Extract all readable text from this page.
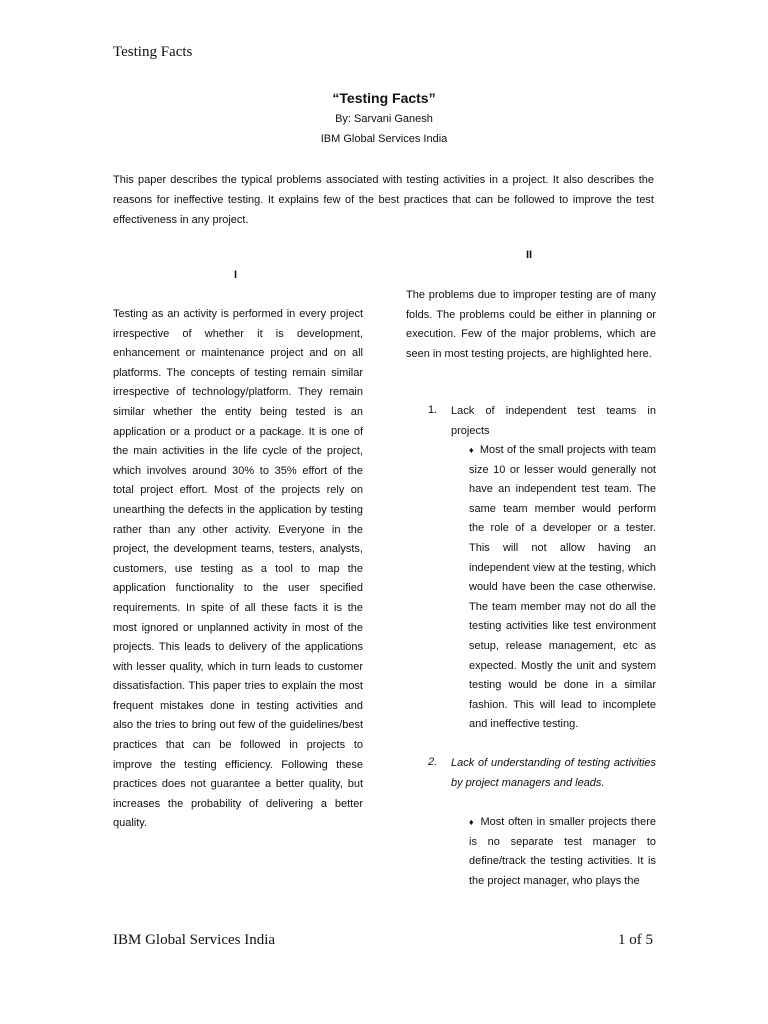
Testing Facts
“Testing Facts”
By: Sarvani Ganesh
IBM Global Services India
This paper describes the typical problems associated with testing activities in a project. It also describes the reasons for ineffective testing. It explains few of the best practices that can be followed to improve the test effectiveness in any project.
I
Testing as an activity is performed in every project irrespective of whether it is development, enhancement or maintenance project and on all platforms. The concepts of testing remain similar irrespective of technology/platform. They remain similar whether the entity being tested is an application or a product or a package. It is one of the main activities in the life cycle of the project, which involves around 30% to 35% effort of the total project effort. Most of the projects rely on unearthing the defects in the application by testing rather than any other activity. Everyone in the project, the development teams, testers, analysts, customers, use testing as a tool to map the application functionality to the user specified requirements. In spite of all these facts it is the most ignored or unplanned activity in most of the projects. This leads to delivery of the applications with lesser quality, which in turn leads to customer dissatisfaction. This paper tries to explain the most frequent mistakes done in testing activities and also the tries to bring out few of the guidelines/best practices that can be followed in projects to improve the testing efficiency. Following these practices does not guarantee a better quality, but increases the probability of delivering a better quality.
II
The problems due to improper testing are of many folds. The problems could be either in planning or execution. Few of the major problems, which are seen in most testing projects, are highlighted here.
1. Lack of independent test teams in projects
♦ Most of the small projects with team size 10 or lesser would generally not have an independent test team. The same team member would perform the role of a developer or a tester. This will not allow having an independent view at the testing, which would have been the case otherwise. The team member may not do all the testing activities like test environment setup, release management, etc as expected. Mostly the unit and system testing would be done in a similar fashion. This will lead to incomplete and ineffective testing.
2. Lack of understanding of testing activities by project managers and leads.
♦ Most often in smaller projects there is no separate test manager to define/track the testing activities. It is the project manager, who plays the
IBM Global Services India	1 of 5
